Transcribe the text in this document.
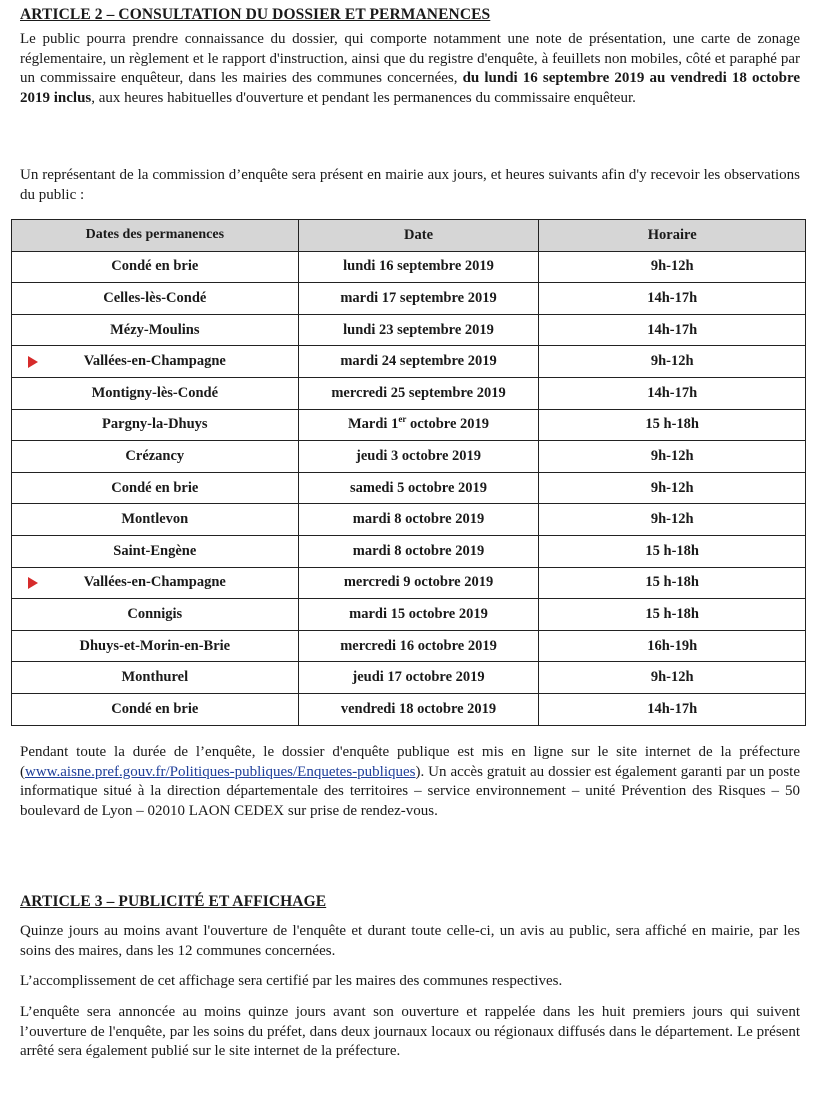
ARTICLE 2 – CONSULTATION DU DOSSIER ET PERMANENCES
Le public pourra prendre connaissance du dossier, qui comporte notamment une note de présentation, une carte de zonage réglementaire, un règlement et le rapport d'instruction, ainsi que du registre d'enquête, à feuillets non mobiles, côté et paraphé par un commissaire enquêteur, dans les mairies des communes concernées, du lundi 16 septembre 2019 au vendredi 18 octobre 2019 inclus, aux heures habituelles d'ouverture et pendant les permanences du commissaire enquêteur.
Un représentant de la commission d’enquête sera présent en mairie aux jours, et heures suivants afin d'y recevoir les observations du public :
Dates des permanences	Date	Horaire
Condé en brie	lundi 16 septembre 2019	9h-12h
Celles-lès-Condé	mardi 17 septembre 2019	14h-17h
Mézy-Moulins	lundi 23 septembre 2019	14h-17h

Vallées-en-Champagne	mardi 24 septembre 2019	9h-12h
Montigny-lès-Condé	mercredi 25 septembre 2019	14h-17h
Pargny-la-Dhuys	Mardi 1er octobre 2019	15 h-18h
Crézancy	jeudi 3 octobre 2019	9h-12h
Condé en brie	samedi 5 octobre 2019	9h-12h
Montlevon	mardi 8 octobre 2019	9h-12h
Saint-Engène	mardi 8 octobre 2019	15 h-18h

Vallées-en-Champagne	mercredi 9 octobre 2019	15 h-18h
Connigis	mardi 15 octobre 2019	15 h-18h
Dhuys-et-Morin-en-Brie	mercredi 16 octobre 2019	16h-19h
Monthurel	jeudi 17 octobre 2019	9h-12h
Condé en brie	vendredi 18 octobre 2019	14h-17h
Pendant toute la durée de l’enquête, le dossier d'enquête publique est mis en ligne sur le site internet de la préfecture (www.aisne.pref.gouv.fr/Politiques-publiques/Enquetes-publiques). Un accès gratuit au dossier est également garanti par un poste informatique situé à la direction départementale des territoires – service environnement – unité Prévention des Risques – 50 boulevard de Lyon – 02010 LAON CEDEX sur prise de rendez-vous.
ARTICLE 3 – PUBLICITÉ ET AFFICHAGE
Quinze jours au moins avant l'ouverture de l'enquête et durant toute celle-ci, un avis au public, sera affiché en mairie, par les soins des maires, dans les 12 communes concernées.
L’accomplissement de cet affichage sera certifié par les maires des communes respectives.
L’enquête sera annoncée au moins quinze jours avant son ouverture et rappelée dans les huit premiers jours qui suivent l’ouverture de l'enquête, par les soins du préfet, dans deux journaux locaux ou régionaux diffusés dans le département. Le présent arrêté sera également publié sur le site internet de la préfecture.
